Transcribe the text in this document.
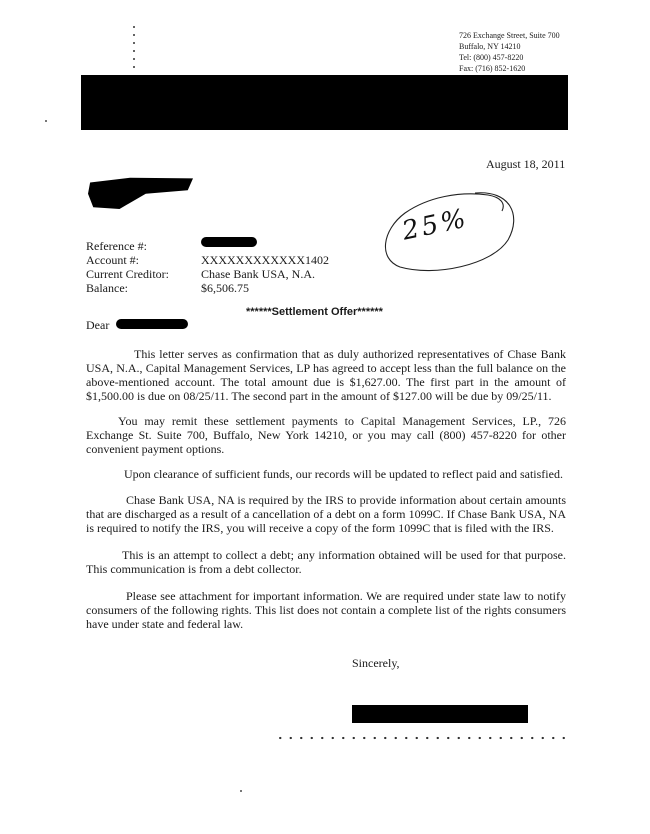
726 Exchange Street, Suite 700
Buffalo, NY 14210
Tel: (800) 457-8220
Fax: (716) 852-1620
August 18, 2011
Reference #:
Account #:	XXXXXXXXXXXX1402
Current Creditor:	Chase Bank USA, N.A.
Balance:	$6,506.75
25%
******Settlement Offer******
Dear
This letter serves as confirmation that as duly authorized representatives of Chase Bank USA, N.A., Capital Management Services, LP has agreed to accept less than the full balance on the above-mentioned account. The total amount due is $1,627.00. The first part in the amount of $1,500.00 is due on 08/25/11. The second part in the amount of $127.00 will be due by 09/25/11.
You may remit these settlement payments to Capital Management Services, LP., 726 Exchange St. Suite 700, Buffalo, New York 14210, or you may call (800) 457-8220 for other convenient payment options.
Upon clearance of sufficient funds, our records will be updated to reflect paid and satisfied.
Chase Bank USA, NA is required by the IRS to provide information about certain amounts that are discharged as a result of a cancellation of a debt on a form 1099C. If Chase Bank USA, NA is required to notify the IRS, you will receive a copy of the form 1099C that is filed with the IRS.
This is an attempt to collect a debt; any information obtained will be used for that purpose. This communication is from a debt collector.
Please see attachment for important information. We are required under state law to notify consumers of the following rights. This list does not contain a complete list of the rights consumers have under state and federal law.
Sincerely,
